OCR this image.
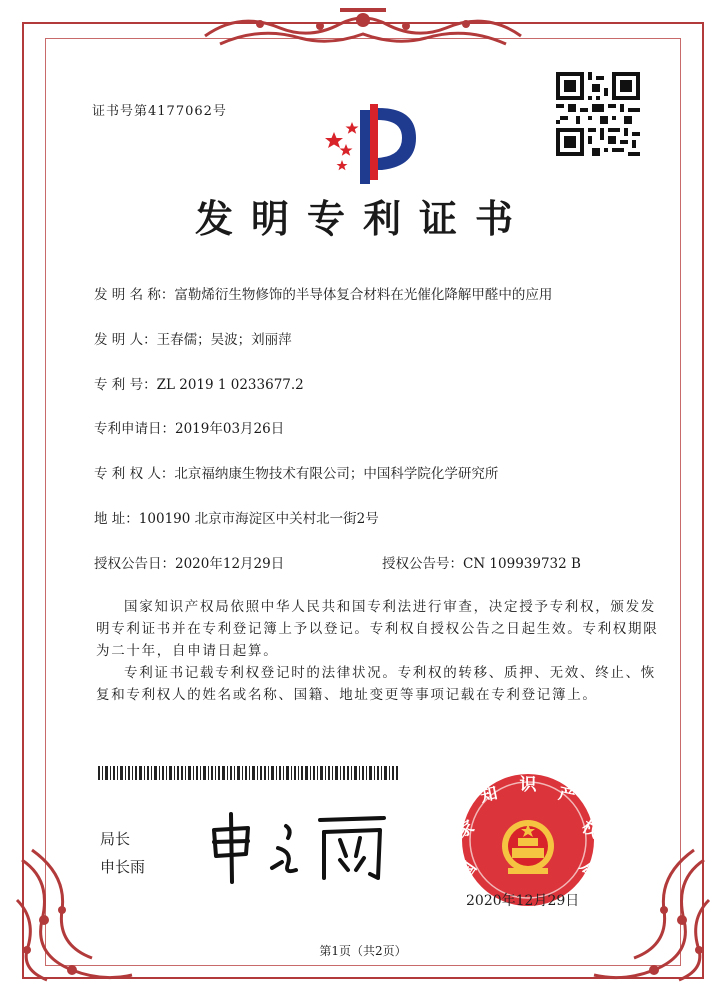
证书号第4177062号
发明专利证书
发 明 名 称：富勒烯衍生物修饰的半导体复合材料在光催化降解甲醛中的应用
发 明 人：王春儒；吴波；刘丽萍
专 利 号：ZL 2019 1 0233677.2
专利申请日：2019年03月26日
专 利 权 人：北京福纳康生物技术有限公司；中国科学院化学研究所
地 址：100190 北京市海淀区中关村北一街2号
授权公告日：2020年12月29日	授权公告号：CN 109939732 B
国家知识产权局依照中华人民共和国专利法进行审查，决定授予专利权，颁发发明专利证书并在专利登记簿上予以登记。专利权自授权公告之日起生效。专利权期限为二十年，自申请日起算。
专利证书记载专利权登记时的法律状况。专利权的转移、质押、无效、终止、恢复和专利权人的姓名或名称、国籍、地址变更等事项记载在专利登记簿上。
局长
申长雨	国
家
知 识 产
权
局
2020年12月29日
第1页（共2页）
